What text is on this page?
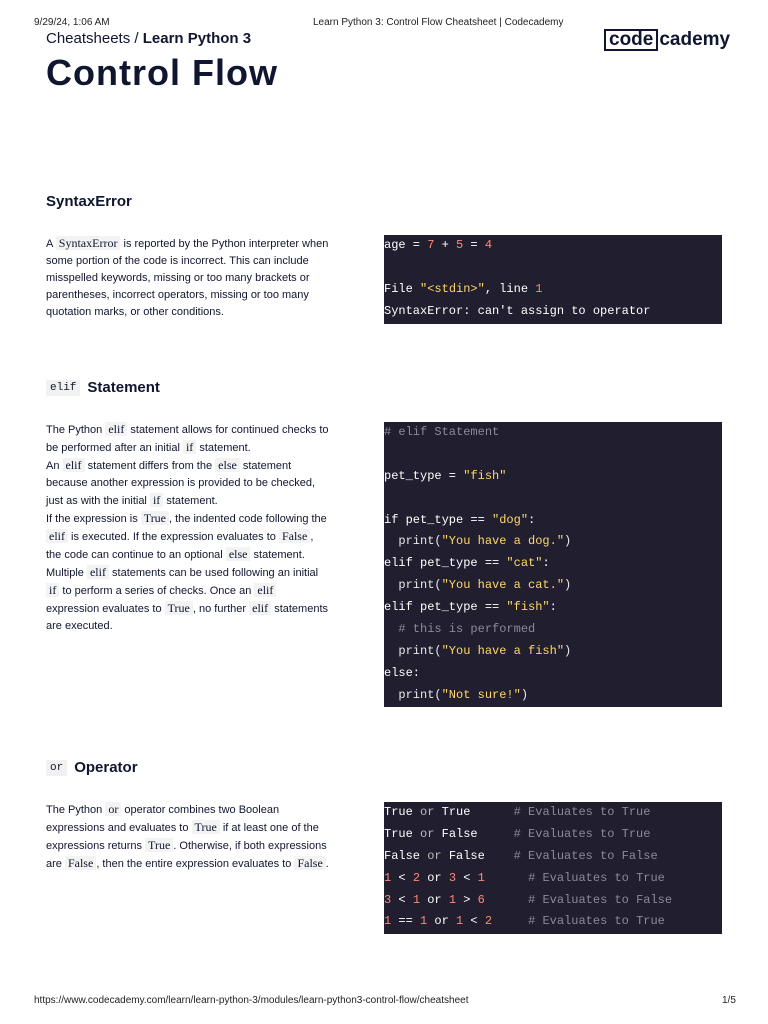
9/29/24, 1:06 AM	Learn Python 3: Control Flow Cheatsheet | Codecademy
Cheatsheets / Learn Python 3	code cademy
Control Flow
SyntaxError

A SyntaxError is reported by the Python interpreter when some portion of the code is incorrect. This can include misspelled keywords, missing or too many brackets or parentheses, incorrect operators, missing or too many quotation marks, or other conditions.

age = 7 + 5 = 4
File "<stdin>", line 1
SyntaxError: can't assign to operator
elif Statement

The Python elif statement allows for continued checks to be performed after an initial if statement.

An elif statement differs from the else statement because another expression is provided to be checked, just as with the initial if statement.

If the expression is True , the indented code following the elif is executed. If the expression evaluates to False , the code can continue to an optional else statement. Multiple elif statements can be used following an initial if to perform a series of checks. Once an elif expression evaluates to True , no further elif statements are executed.

# elif Statement
pet_type = "fish"
if pet_type == "dog":
print("You have a dog.")
elif pet_type == "cat":
print("You have a cat.")
elif pet_type == "fish":
# this is performed
print("You have a fish")
else:
print("Not sure!")
or Operator

The Python or operator combines two Boolean expressions and evaluates to True if at least one of the expressions returns True . Otherwise, if both expressions are False , then the entire expression evaluates to False .

True or True      # Evaluates to True
True or False     # Evaluates to True
False or False    # Evaluates to False
1 < 2 or 3 < 1	# Evaluates to True
3 < 1 or 1 > 6	# Evaluates to False
1 == 1 or 1 < 2	# Evaluates to True
https://www.codecademy.com/learn/learn-python-3/modules/learn-python3-control-flow/cheatsheet	1/5
